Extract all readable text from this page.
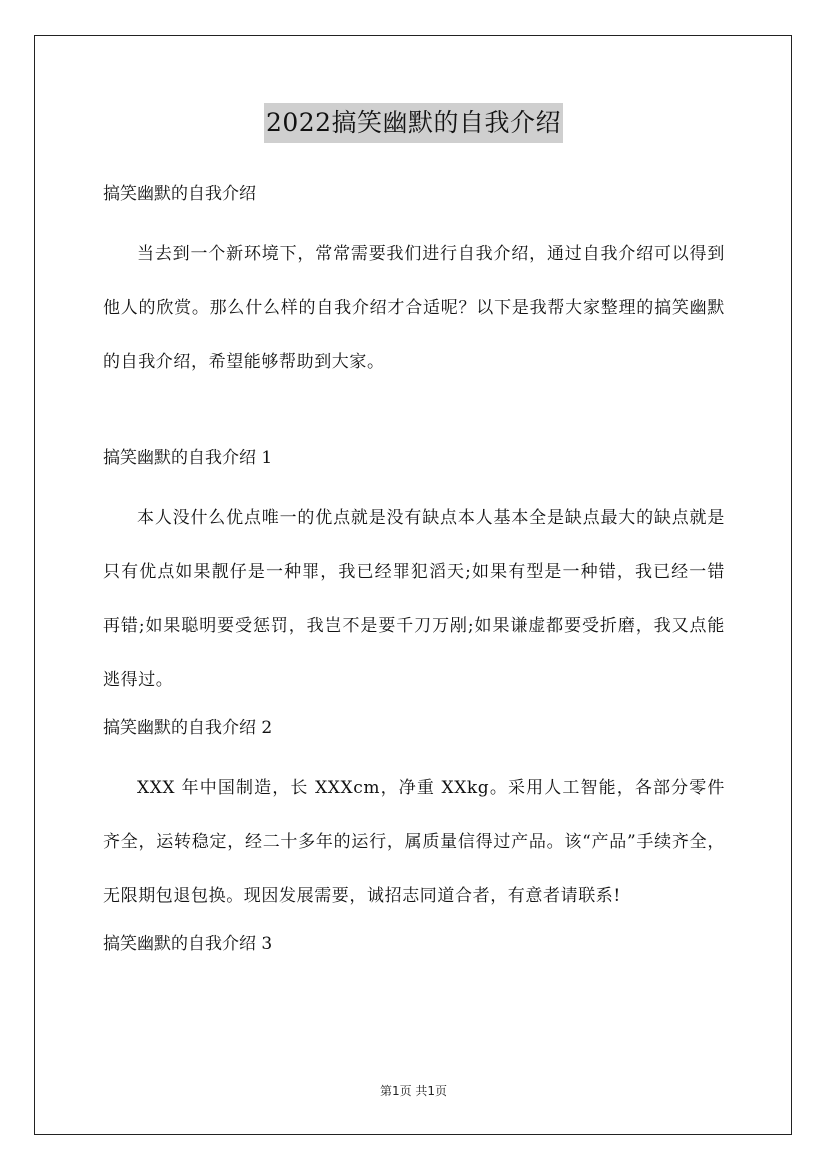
2022搞笑幽默的自我介绍

搞笑幽默的自我介绍

当去到一个新环境下，常常需要我们进行自我介绍，通过自我介绍可以得到他人的欣赏。那么什么样的自我介绍才合适呢？以下是我帮大家整理的搞笑幽默的自我介绍，希望能够帮助到大家。

搞笑幽默的自我介绍 1

本人没什么优点唯一的优点就是没有缺点本人基本全是缺点最大的缺点就是只有优点如果靓仔是一种罪，我已经罪犯滔天;如果有型是一种错，我已经一错再错;如果聪明要受惩罚，我岂不是要千刀万剐;如果谦虚都要受折磨，我又点能逃得过。

搞笑幽默的自我介绍 2

XXX 年中国制造，长 XXXcm，净重 XXkg。采用人工智能，各部分零件齐全，运转稳定，经二十多年的运行，属质量信得过产品。该“产品”手续齐全，无限期包退包换。现因发展需要，诚招志同道合者，有意者请联系!

搞笑幽默的自我介绍 3

第1页 共1页
